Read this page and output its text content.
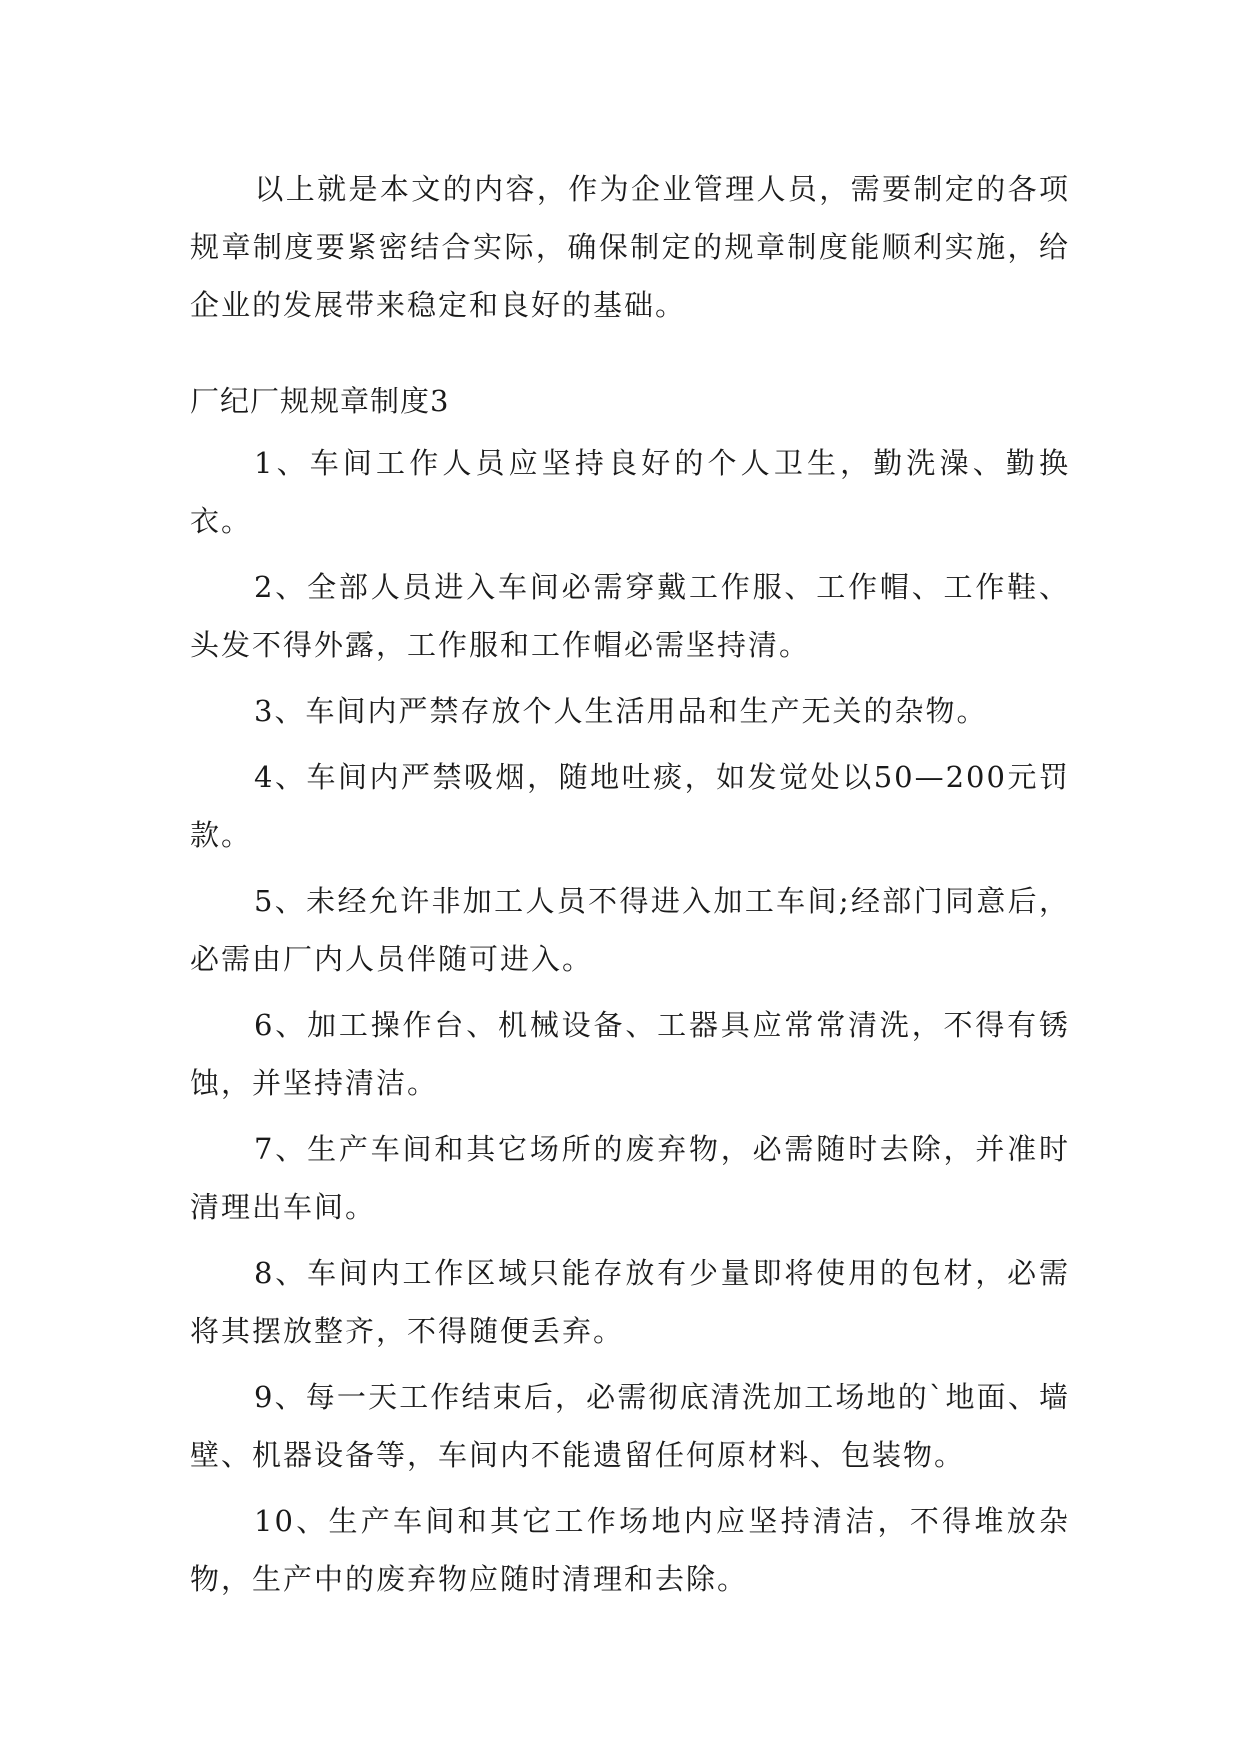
以上就是本文的内容，作为企业管理人员，需要制定的各项规章制度要紧密结合实际，确保制定的规章制度能顺利实施，给企业的发展带来稳定和良好的基础。

厂纪厂规规章制度3

1、车间工作人员应坚持良好的个人卫生，勤洗澡、勤换衣。

2、全部人员进入车间必需穿戴工作服、工作帽、工作鞋、头发不得外露，工作服和工作帽必需坚持清。

3、车间内严禁存放个人生活用品和生产无关的杂物。

4、车间内严禁吸烟，随地吐痰，如发觉处以50—200元罚款。

5、未经允许非加工人员不得进入加工车间;经部门同意后，必需由厂内人员伴随可进入。

6、加工操作台、机械设备、工器具应常常清洗，不得有锈蚀，并坚持清洁。

7、生产车间和其它场所的废弃物，必需随时去除，并准时清理出车间。

8、车间内工作区域只能存放有少量即将使用的包材，必需将其摆放整齐，不得随便丢弃。

9、每一天工作结束后，必需彻底清洗加工场地的`地面、墙壁、机器设备等，车间内不能遗留任何原材料、包装物。

10、生产车间和其它工作场地内应坚持清洁，不得堆放杂物，生产中的废弃物应随时清理和去除。
